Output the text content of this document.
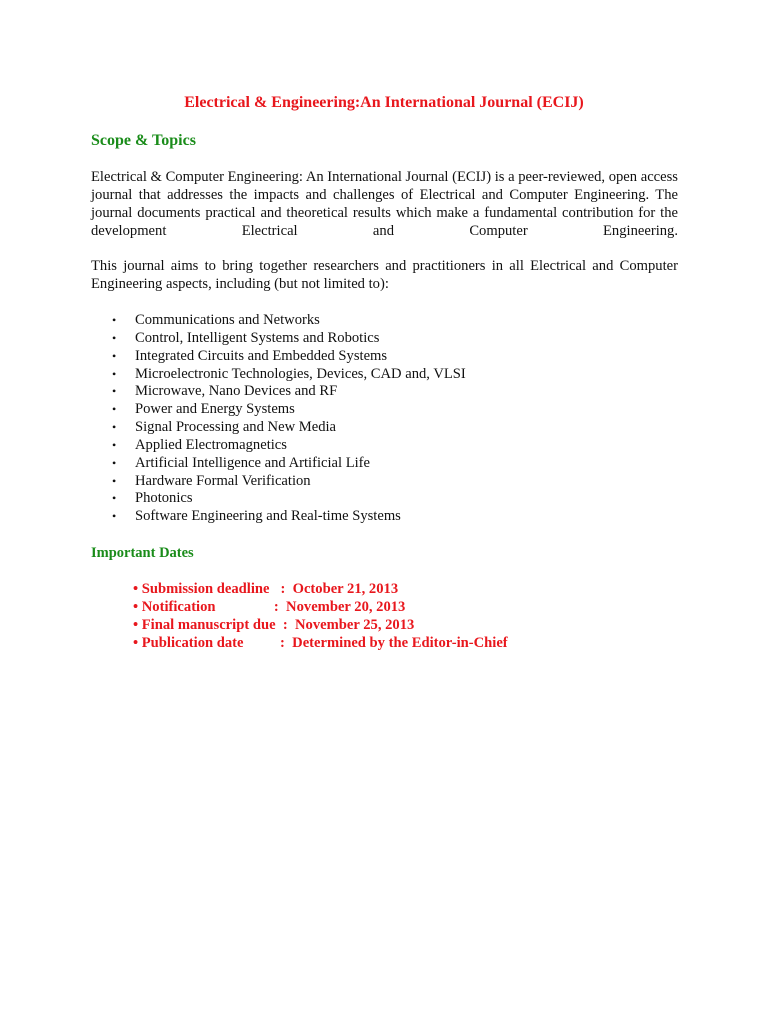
Electrical & Engineering:An International Journal (ECIJ)
Scope & Topics

Electrical & Computer Engineering: An International Journal (ECIJ) is a peer-reviewed, open access journal that addresses the impacts and challenges of Electrical and Computer Engineering. The journal documents practical and theoretical results which make a fundamental contribution for the development Electrical and Computer Engineering.

This journal aims to bring together researchers and practitioners in all Electrical and Computer Engineering aspects, including (but not limited to):

• Communications and Networks
• Control, Intelligent Systems and Robotics
• Integrated Circuits and Embedded Systems
• Microelectronic Technologies, Devices, CAD and, VLSI
• Microwave, Nano Devices and RF
• Power and Energy Systems
• Signal Processing and New Media
• Applied Electromagnetics
• Artificial Intelligence and Artificial Life
• Hardware Formal Verification
• Photonics
• Software Engineering and Real-time Systems
Important Dates
• Submission deadline   :  October 21, 2013
• Notification                :  November 20, 2013
• Final manuscript due  :  November 25, 2013
• Publication date          :  Determined by the Editor-in-Chief
